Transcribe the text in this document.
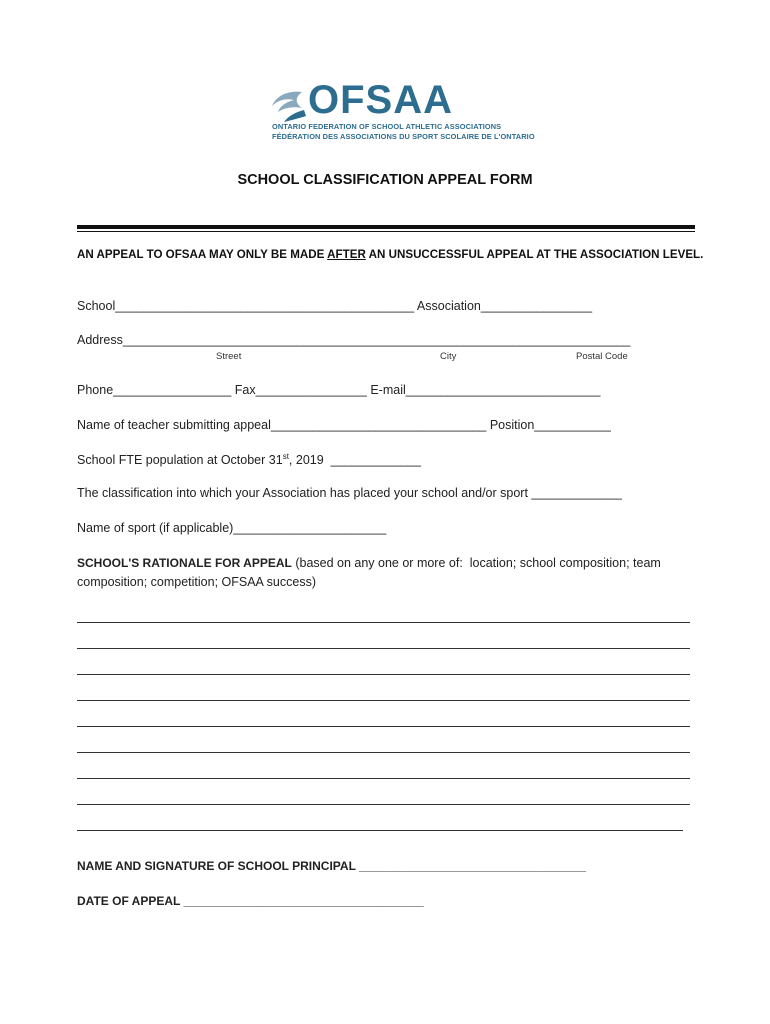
OFSAA
ONTARIO FEDERATION OF SCHOOL ATHLETIC ASSOCIATIONS
FÉDÉRATION DES ASSOCIATIONS DU SPORT SCOLAIRE DE L'ONTARIO
SCHOOL CLASSIFICATION APPEAL FORM
AN APPEAL TO OFSAA MAY ONLY BE MADE AFTER AN UNSUCCESSFUL APPEAL AT THE ASSOCIATION LEVEL.
School___________________________________________ Association________________
Address_________________________________________________________________________
Street	City	Postal Code
Phone_________________ Fax________________ E-mail____________________________
Name of teacher submitting appeal_______________________________ Position___________
School FTE population at October 31st, 2019  _____________
The classification into which your Association has placed your school and/or sport _____________
Name of sport (if applicable)______________________
SCHOOL'S RATIONALE FOR APPEAL (based on any one or more of:  location; school composition; team
composition; competition; OFSAA success)
NAME AND SIGNATURE OF SCHOOL PRINCIPAL __________________________________
DATE OF APPEAL ____________________________________
